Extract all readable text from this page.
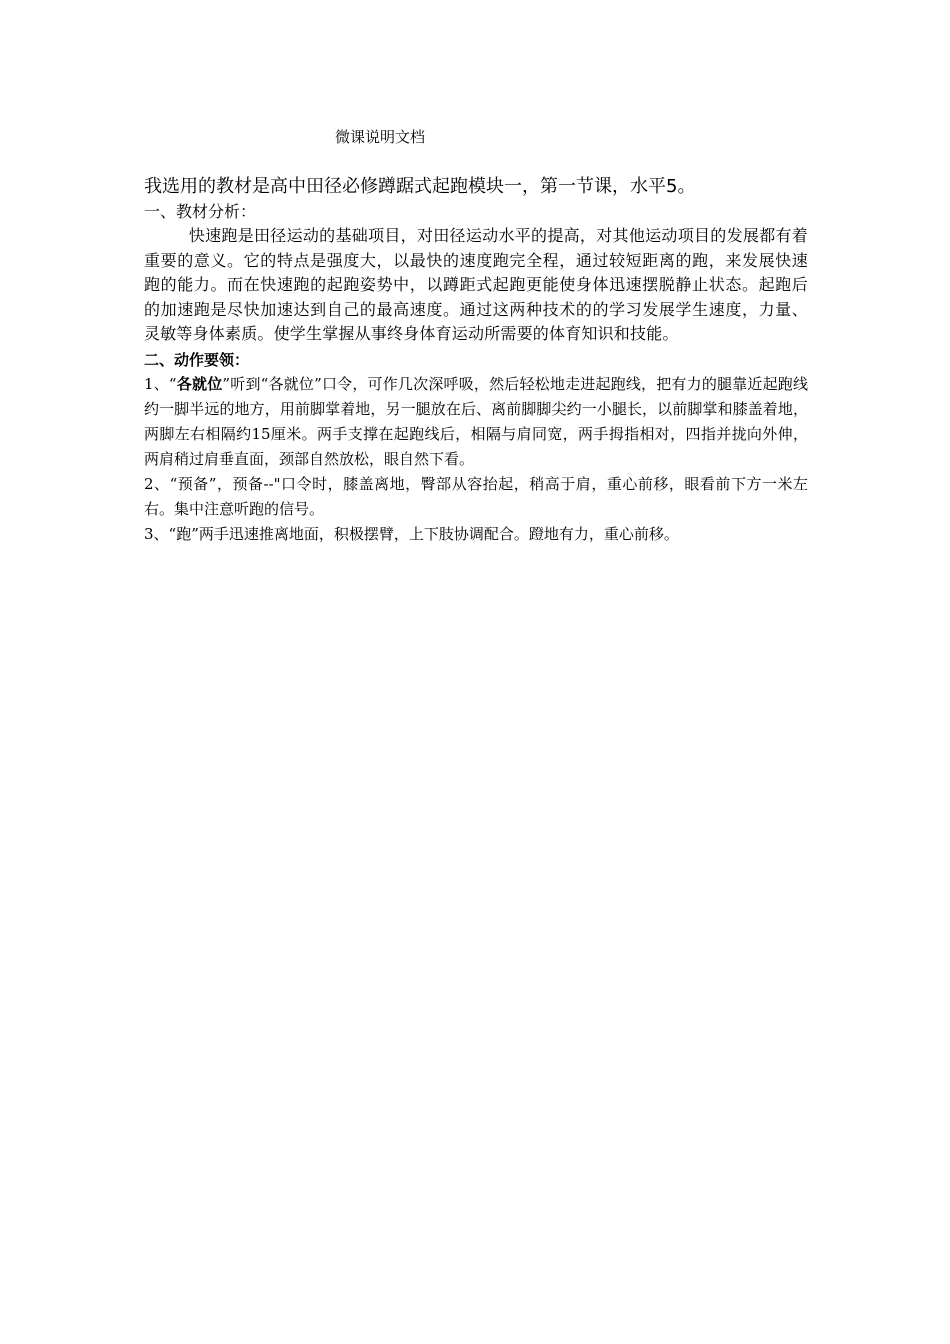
微课说明文档

我选用的教材是高中田径必修蹲踞式起跑模块一，第一节课，水平5。

一、教材分析：

快速跑是田径运动的基础项目，对田径运动水平的提高，对其他运动项目的发展都有着重要的意义。它的特点是强度大，以最快的速度跑完全程，通过较短距离的跑，来发展快速跑的能力。而在快速跑的起跑姿势中，以蹲距式起跑更能使身体迅速摆脱静止状态。起跑后的加速跑是尽快加速达到自己的最高速度。通过这两种技术的的学习发展学生速度，力量、灵敏等身体素质。使学生掌握从事终身体育运动所需要的体育知识和技能。

二、动作要领：

1、“各就位”听到“各就位”口令，可作几次深呼吸，然后轻松地走进起跑线，把有力的腿靠近起跑线约一脚半远的地方，用前脚掌着地，另一腿放在后、离前脚脚尖约一小腿长，以前脚掌和膝盖着地，两脚左右相隔约15厘米。两手支撑在起跑线后，相隔与肩同宽，两手拇指相对，四指并拢向外伸，两肩稍过肩垂直面，颈部自然放松，眼自然下看。

2、“预备”，预备--"口令时，膝盖离地，臀部从容抬起，稍高于肩，重心前移，眼看前下方一米左右。集中注意听跑的信号。

3、“跑”两手迅速推离地面，积极摆臂，上下肢协调配合。蹬地有力，重心前移。
